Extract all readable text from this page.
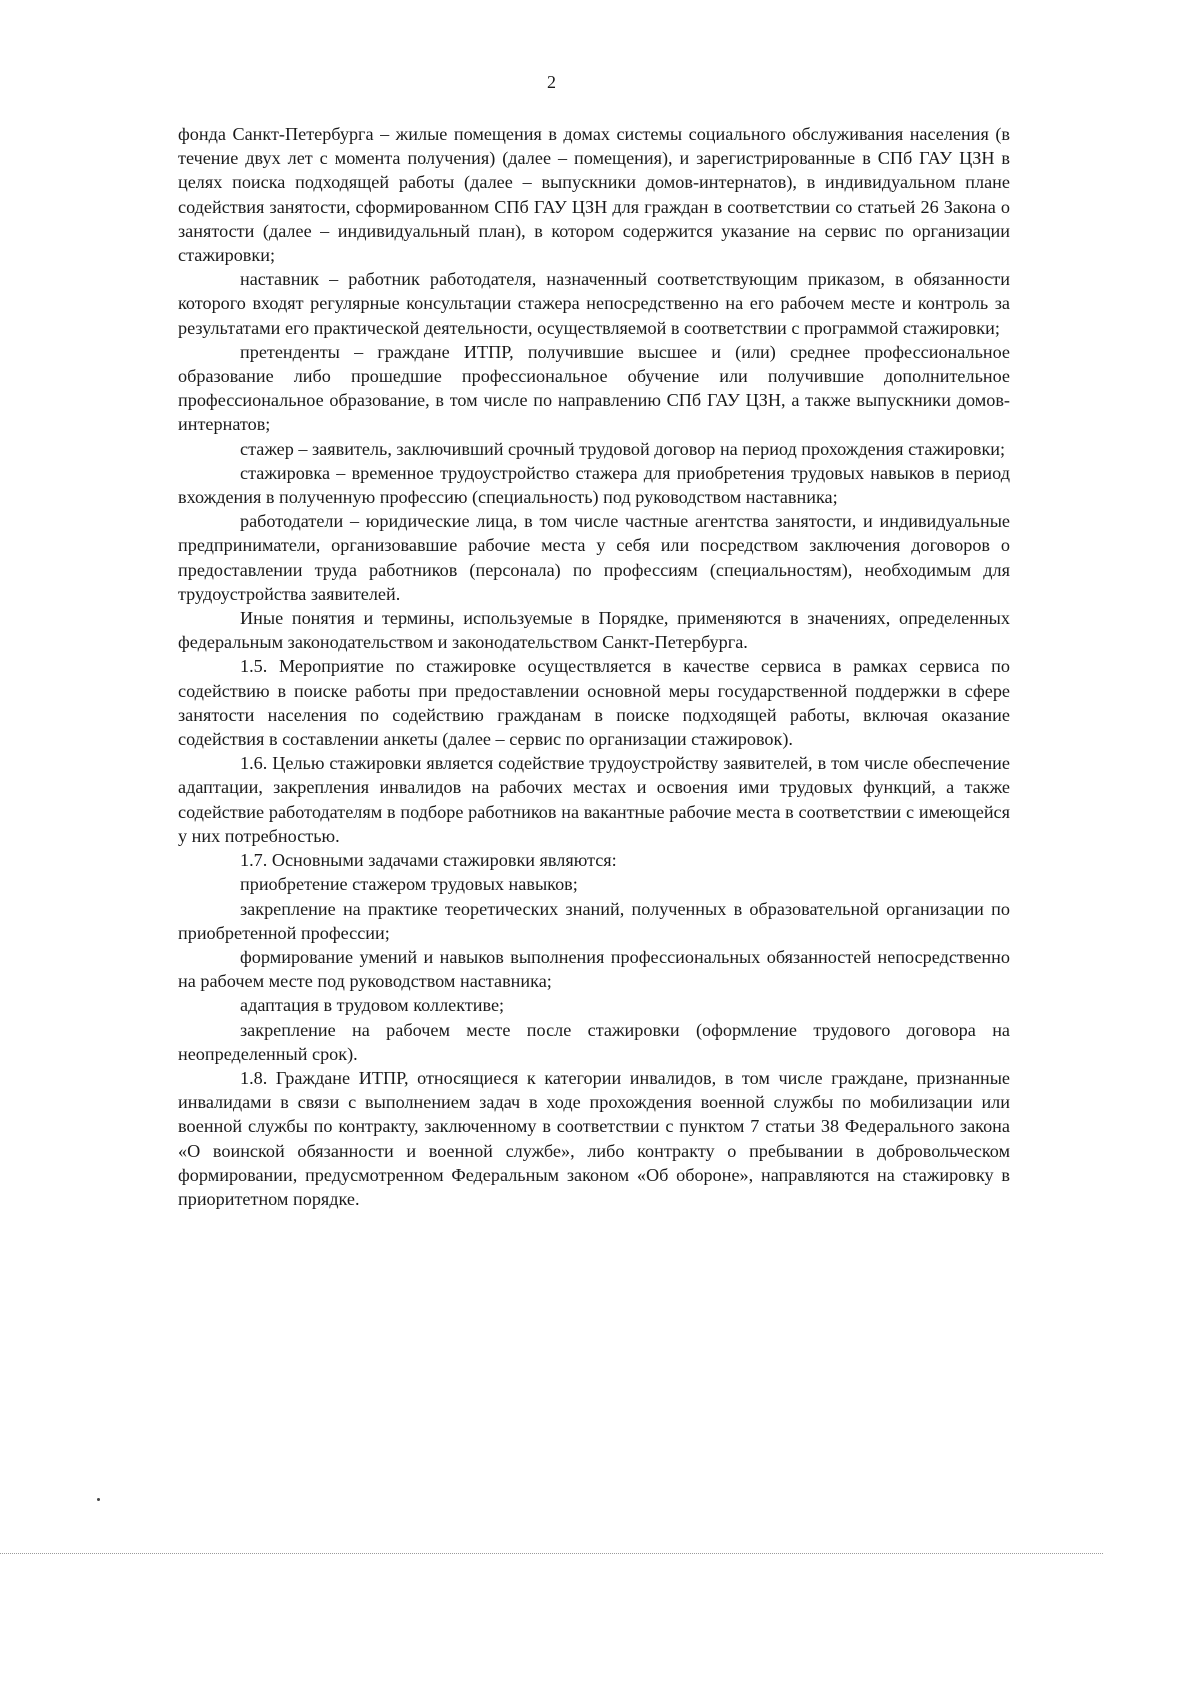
2

фонда Санкт-Петербурга – жилые помещения в домах системы социального обслуживания населения (в течение двух лет с момента получения) (далее – помещения), и зарегистрированные в СПб ГАУ ЦЗН в целях поиска подходящей работы (далее – выпускники домов-интернатов), в индивидуальном плане содействия занятости, сформированном СПб ГАУ ЦЗН для граждан в соответствии со статьей 26 Закона о занятости (далее – индивидуальный план), в котором содержится указание на сервис по организации стажировки;

наставник – работник работодателя, назначенный соответствующим приказом, в обязанности которого входят регулярные консультации стажера непосредственно на его рабочем месте и контроль за результатами его практической деятельности, осуществляемой в соответствии с программой стажировки;

претенденты – граждане ИТПР, получившие высшее и (или) среднее профессиональное образование либо прошедшие профессиональное обучение или получившие дополнительное профессиональное образование, в том числе по направлению СПб ГАУ ЦЗН, а также выпускники домов-интернатов;

стажер – заявитель, заключивший срочный трудовой договор на период прохождения стажировки;

стажировка – временное трудоустройство стажера для приобретения трудовых навыков в период вхождения в полученную профессию (специальность) под руководством наставника;

работодатели – юридические лица, в том числе частные агентства занятости, и индивидуальные предприниматели, организовавшие рабочие места у себя или посредством заключения договоров о предоставлении труда работников (персонала) по профессиям (специальностям), необходимым для трудоустройства заявителей.

Иные понятия и термины, используемые в Порядке, применяются в значениях, определенных федеральным законодательством и законодательством Санкт-Петербурга.

1.5. Мероприятие по стажировке осуществляется в качестве сервиса в рамках сервиса по содействию в поиске работы при предоставлении основной меры государственной поддержки в сфере занятости населения по содействию гражданам в поиске подходящей работы, включая оказание содействия в составлении анкеты (далее – сервис по организации стажировок).

1.6. Целью стажировки является содействие трудоустройству заявителей, в том числе обеспечение адаптации, закрепления инвалидов на рабочих местах и освоения ими трудовых функций, а также содействие работодателям в подборе работников на вакантные рабочие места в соответствии с имеющейся у них потребностью.

1.7. Основными задачами стажировки являются:

приобретение стажером трудовых навыков;

закрепление на практике теоретических знаний, полученных в образовательной организации по приобретенной профессии;

формирование умений и навыков выполнения профессиональных обязанностей непосредственно на рабочем месте под руководством наставника;

адаптация в трудовом коллективе;

закрепление на рабочем месте после стажировки (оформление трудового договора на неопределенный срок).

1.8. Граждане ИТПР, относящиеся к категории инвалидов, в том числе граждане, признанные инвалидами в связи с выполнением задач в ходе прохождения военной службы по мобилизации или военной службы по контракту, заключенному в соответствии с пунктом 7 статьи 38 Федерального закона «О воинской обязанности и военной службе», либо контракту о пребывании в добровольческом формировании, предусмотренном Федеральным законом «Об обороне», направляются на стажировку в приоритетном порядке.
